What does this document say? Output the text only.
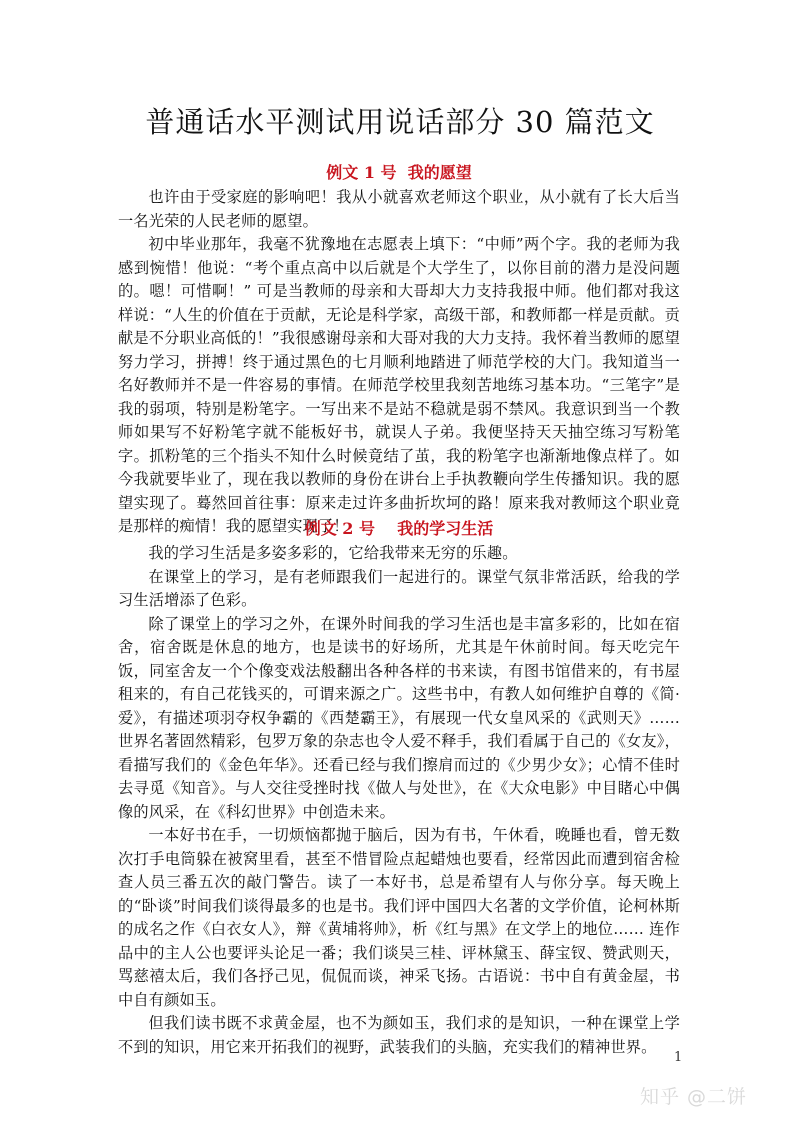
普通话水平测试用说话部分 30 篇范文

例文 1 号  我的愿望

也许由于受家庭的影响吧！我从小就喜欢老师这个职业，从小就有了长大后当一名光荣的人民老师的愿望。

初中毕业那年，我毫不犹豫地在志愿表上填下：“中师”两个字。我的老师为我感到惋惜！他说：“考个重点高中以后就是个大学生了，以你目前的潜力是没问题的。嗯！可惜啊！” 可是当教师的母亲和大哥却大力支持我报中师。他们都对我这样说：“人生的价值在于贡献，无论是科学家，高级干部，和教师都一样是贡献。贡献是不分职业高低的！”我很感谢母亲和大哥对我的大力支持。我怀着当教师的愿望努力学习，拼搏！终于通过黑色的七月顺利地踏进了师范学校的大门。我知道当一名好教师并不是一件容易的事情。在师范学校里我刻苦地练习基本功。“三笔字”是我的弱项，特别是粉笔字。一写出来不是站不稳就是弱不禁风。我意识到当一个教师如果写不好粉笔字就不能板好书，就误人子弟。我便坚持天天抽空练习写粉笔字。抓粉笔的三个指头不知什么时候竟结了茧，我的粉笔字也渐渐地像点样了。如今我就要毕业了，现在我以教师的身份在讲台上手执教鞭向学生传播知识。我的愿望实现了。蓦然回首往事：原来走过许多曲折坎坷的路！原来我对教师这个职业竟是那样的痴情！我的愿望实现了！

例文 2 号    我的学习生活

我的学习生活是多姿多彩的，它给我带来无穷的乐趣。

在课堂上的学习，是有老师跟我们一起进行的。课堂气氛非常活跃，给我的学习生活增添了色彩。

除了课堂上的学习之外，在课外时间我的学习生活也是丰富多彩的，比如在宿舍，宿舍既是休息的地方，也是读书的好场所，尤其是午休前时间。每天吃完午饭，同室舍友一个个像变戏法般翻出各种各样的书来读，有图书馆借来的，有书屋租来的，有自己花钱买的，可谓来源之广。这些书中，有教人如何维护自尊的《简·爱》，有描述项羽夺权争霸的《西楚霸王》，有展现一代女皇风采的《武则天》……世界名著固然精彩，包罗万象的杂志也令人爱不释手，我们看属于自己的《女友》，看描写我们的《金色年华》。还看已经与我们擦肩而过的《少男少女》；心情不佳时去寻觅《知音》。与人交往受挫时找《做人与处世》，在《大众电影》中目睹心中偶像的风采，在《科幻世界》中创造未来。

一本好书在手，一切烦恼都抛于脑后，因为有书，午休看，晚睡也看，曾无数次打手电筒躲在被窝里看，甚至不惜冒险点起蜡烛也要看，经常因此而遭到宿舍检查人员三番五次的敲门警告。读了一本好书，总是希望有人与你分享。每天晚上的“卧谈”时间我们谈得最多的也是书。我们评中国四大名著的文学价值，论柯林斯的成名之作《白衣女人》，辩《黄埔将帅》，析《红与黑》在文学上的地位…… 连作品中的主人公也要评头论足一番；我们谈吴三桂、评林黛玉、薛宝钗、赞武则天，骂慈禧太后，我们各抒己见，侃侃而谈，神采飞扬。古语说：书中自有黄金屋，书中自有颜如玉。

但我们读书既不求黄金屋，也不为颜如玉，我们求的是知识，一种在课堂上学不到的知识，用它来开拓我们的视野，武装我们的头脑，充实我们的精神世界。

1
知乎 @二饼
